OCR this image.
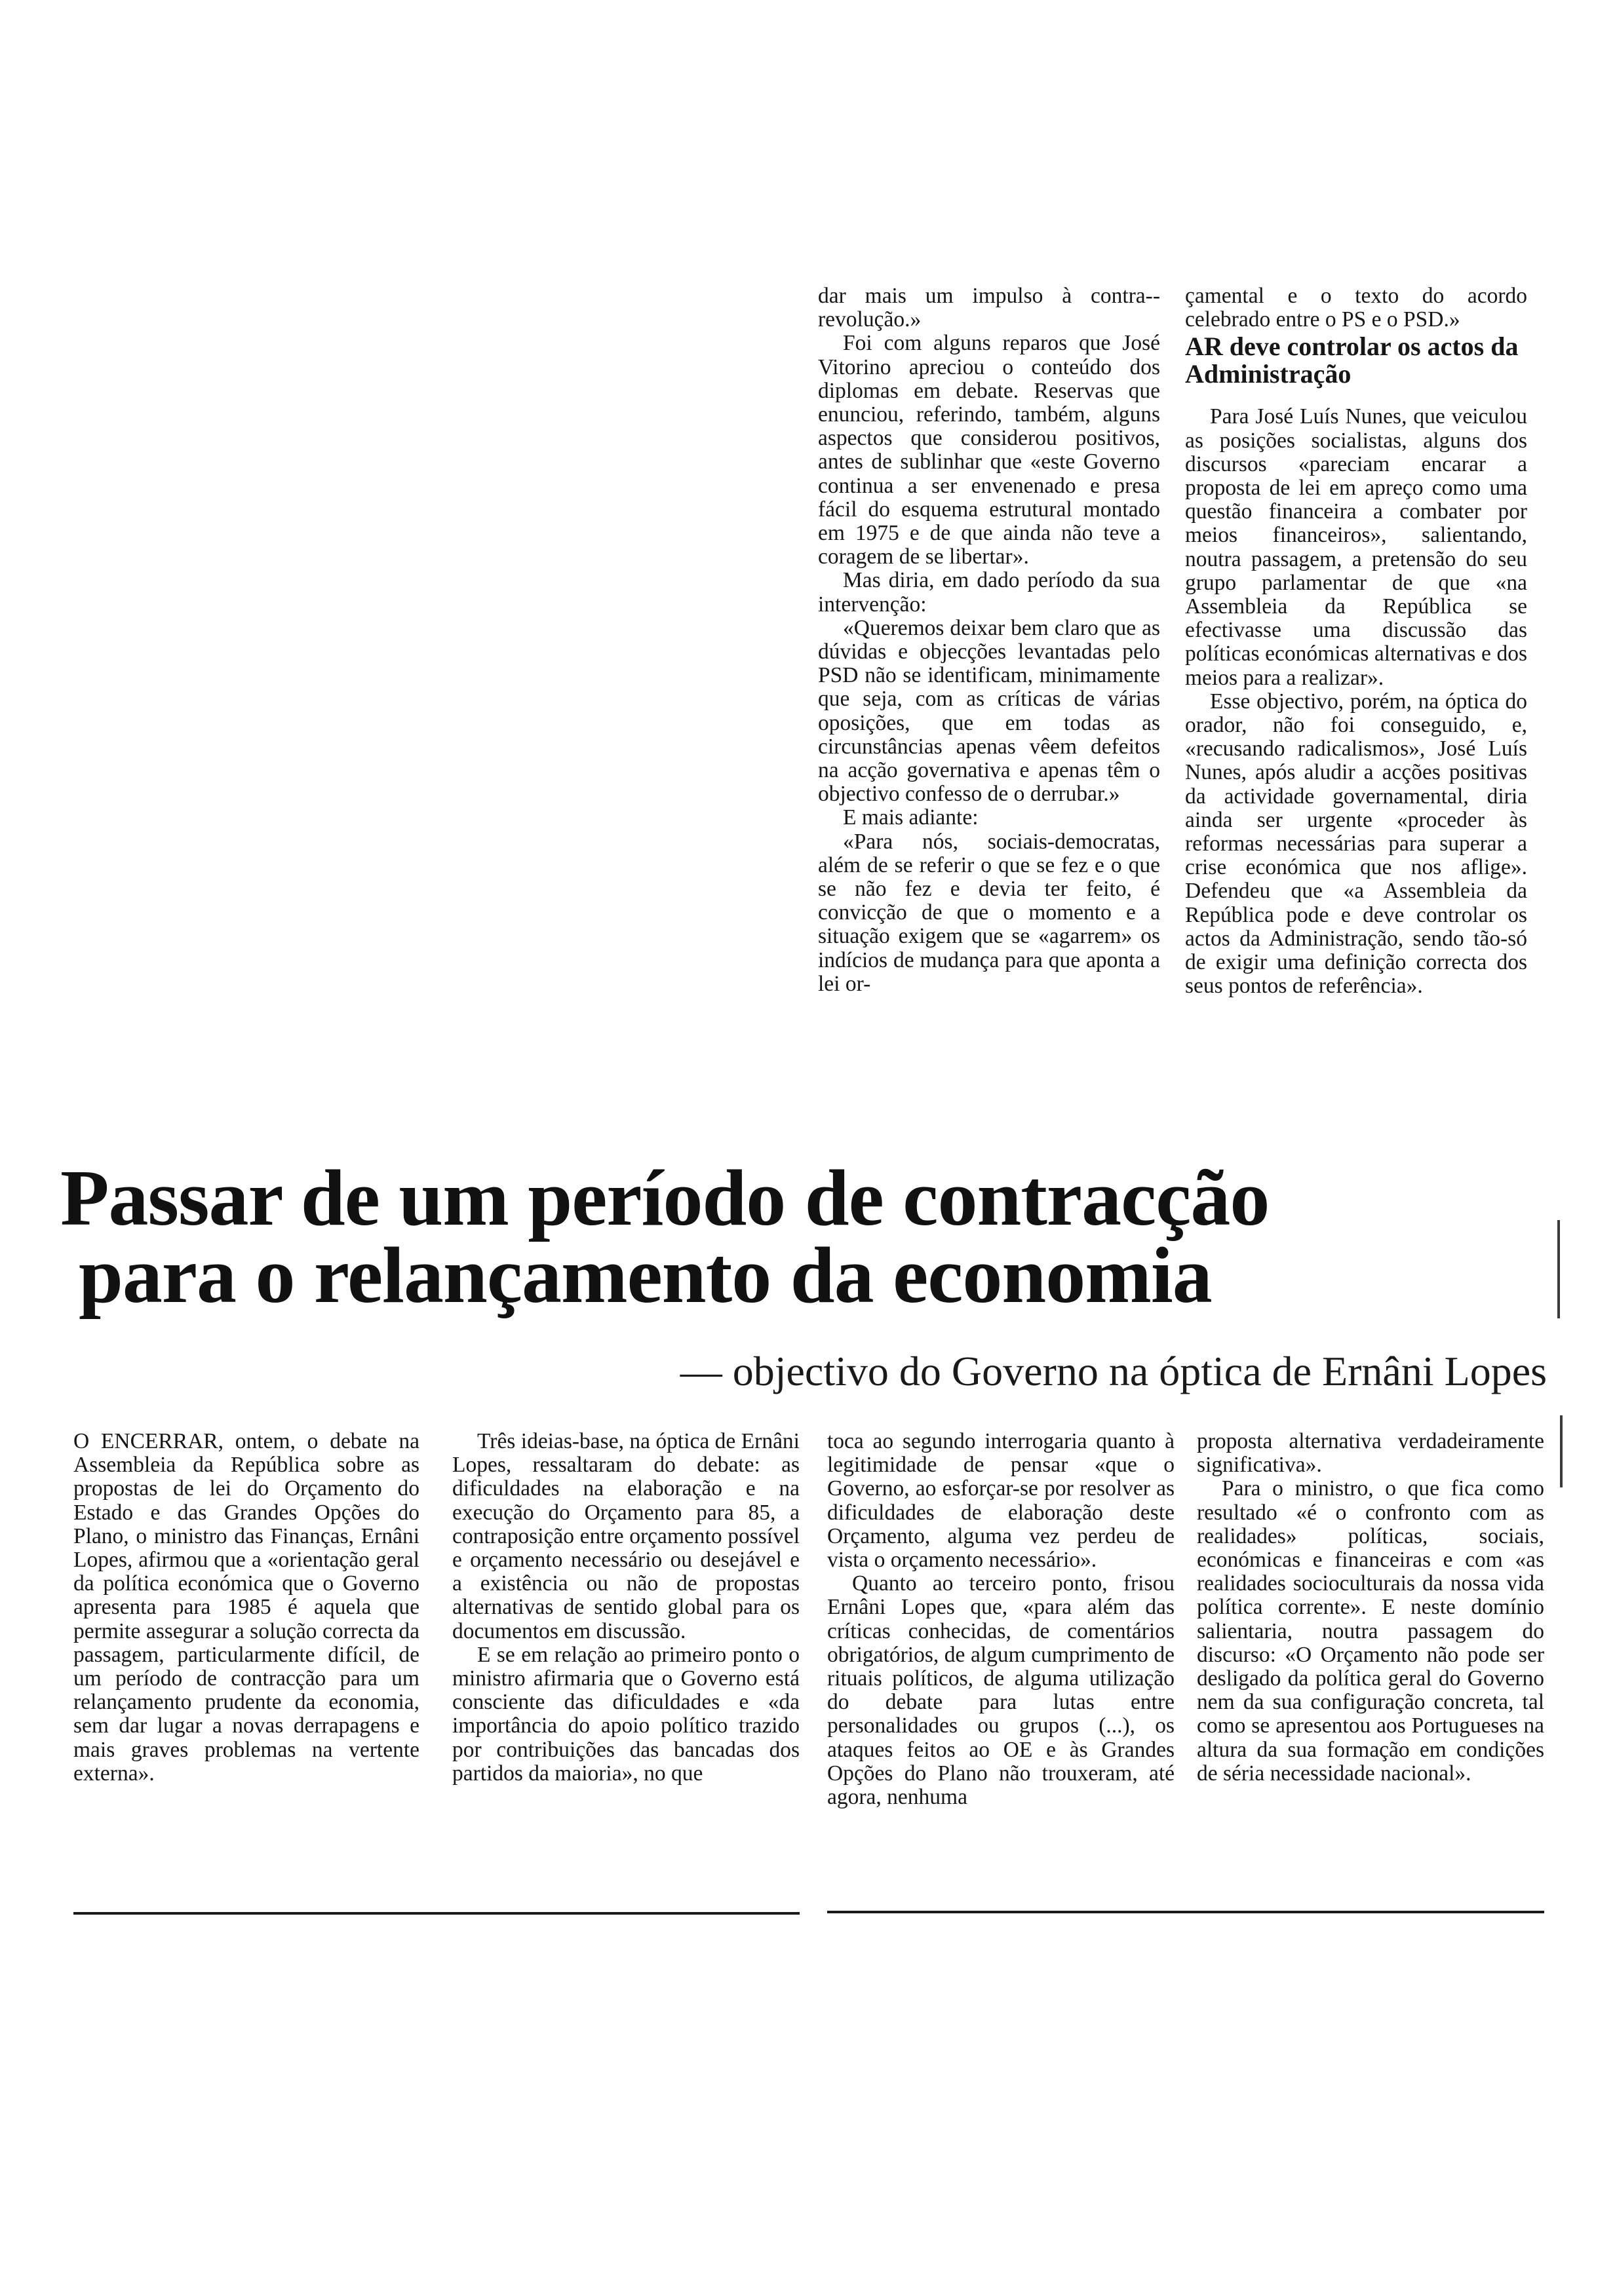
dar mais um impulso à contra--revolução.»

Foi com alguns reparos que José Vitorino apreciou o conteúdo dos diplomas em debate. Reservas que enunciou, referindo, também, alguns aspectos que considerou positivos, antes de sublinhar que «este Governo continua a ser envenenado e presa fácil do esquema estrutural montado em 1975 e de que ainda não teve a coragem de se libertar».

Mas diria, em dado período da sua intervenção:

«Queremos deixar bem claro que as dúvidas e objecções levantadas pelo PSD não se identificam, minimamente que seja, com as críticas de várias oposições, que em todas as circunstâncias apenas vêem defeitos na acção governativa e apenas têm o objectivo confesso de o derrubar.»

E mais adiante:

«Para nós, sociais-democratas, além de se referir o que se fez e o que se não fez e devia ter feito, é convicção de que o momento e a situação exigem que se «agarrem» os indícios de mudança para que aponta a lei or-

çamental e o texto do acordo celebrado entre o PS e o PSD.»

AR deve controlar os actos da Administração

Para José Luís Nunes, que veiculou as posições socialistas, alguns dos discursos «pareciam encarar a proposta de lei em apreço como uma questão financeira a combater por meios financeiros», salientando, noutra passagem, a pretensão do seu grupo parlamentar de que «na Assembleia da República se efectivasse uma discussão das políticas económicas alternativas e dos meios para a realizar».

Esse objectivo, porém, na óptica do orador, não foi conseguido, e, «recusando radicalismos», José Luís Nunes, após aludir a acções positivas da actividade governamental, diria ainda ser urgente «proceder às reformas necessárias para superar a crise económica que nos aflige». Defendeu que «a Assembleia da República pode e deve controlar os actos da Administração, sendo tão-só de exigir uma definição correcta dos seus pontos de referência».

Passar de um período de contracção
para o relançamento da economia
— objectivo do Governo na óptica de Ernâni Lopes

O ENCERRAR, ontem, o debate na Assembleia da República sobre as propostas de lei do Orçamento do Estado e das Grandes Opções do Plano, o ministro das Finanças, Ernâni Lopes, afirmou que a «orientação geral da política económica que o Governo apresenta para 1985 é aquela que permite assegurar a solução correcta da passagem, particularmente difícil, de um período de contracção para um relançamento prudente da economia, sem dar lugar a novas derrapagens e mais graves problemas na vertente externa».

Três ideias-base, na óptica de Ernâni Lopes, ressaltaram do debate: as dificuldades na elaboração e na execução do Orçamento para 85, a contraposição entre orçamento possível e orçamento necessário ou desejável e a existência ou não de propostas alternativas de sentido global para os documentos em discussão.

E se em relação ao primeiro ponto o ministro afirmaria que o Governo está consciente das dificuldades e «da importância do apoio político trazido por contribuições das bancadas dos partidos da maioria», no que

toca ao segundo interrogaria quanto à legitimidade de pensar «que o Governo, ao esforçar-se por resolver as dificuldades de elaboração deste Orçamento, alguma vez perdeu de vista o orçamento necessário».

Quanto ao terceiro ponto, frisou Ernâni Lopes que, «para além das críticas conhecidas, de comentários obrigatórios, de algum cumprimento de rituais políticos, de alguma utilização do debate para lutas entre personalidades ou grupos (...), os ataques feitos ao OE e às Grandes Opções do Plano não trouxeram, até agora, nenhuma

proposta alternativa verdadeiramente significativa».

Para o ministro, o que fica como resultado «é o confronto com as realidades» políticas, sociais, económicas e financeiras e com «as realidades socioculturais da nossa vida política corrente». E neste domínio salientaria, noutra passagem do discurso: «O Orçamento não pode ser desligado da política geral do Governo nem da sua configuração concreta, tal como se apresentou aos Portugueses na altura da sua formação em condições de séria necessidade nacional».
